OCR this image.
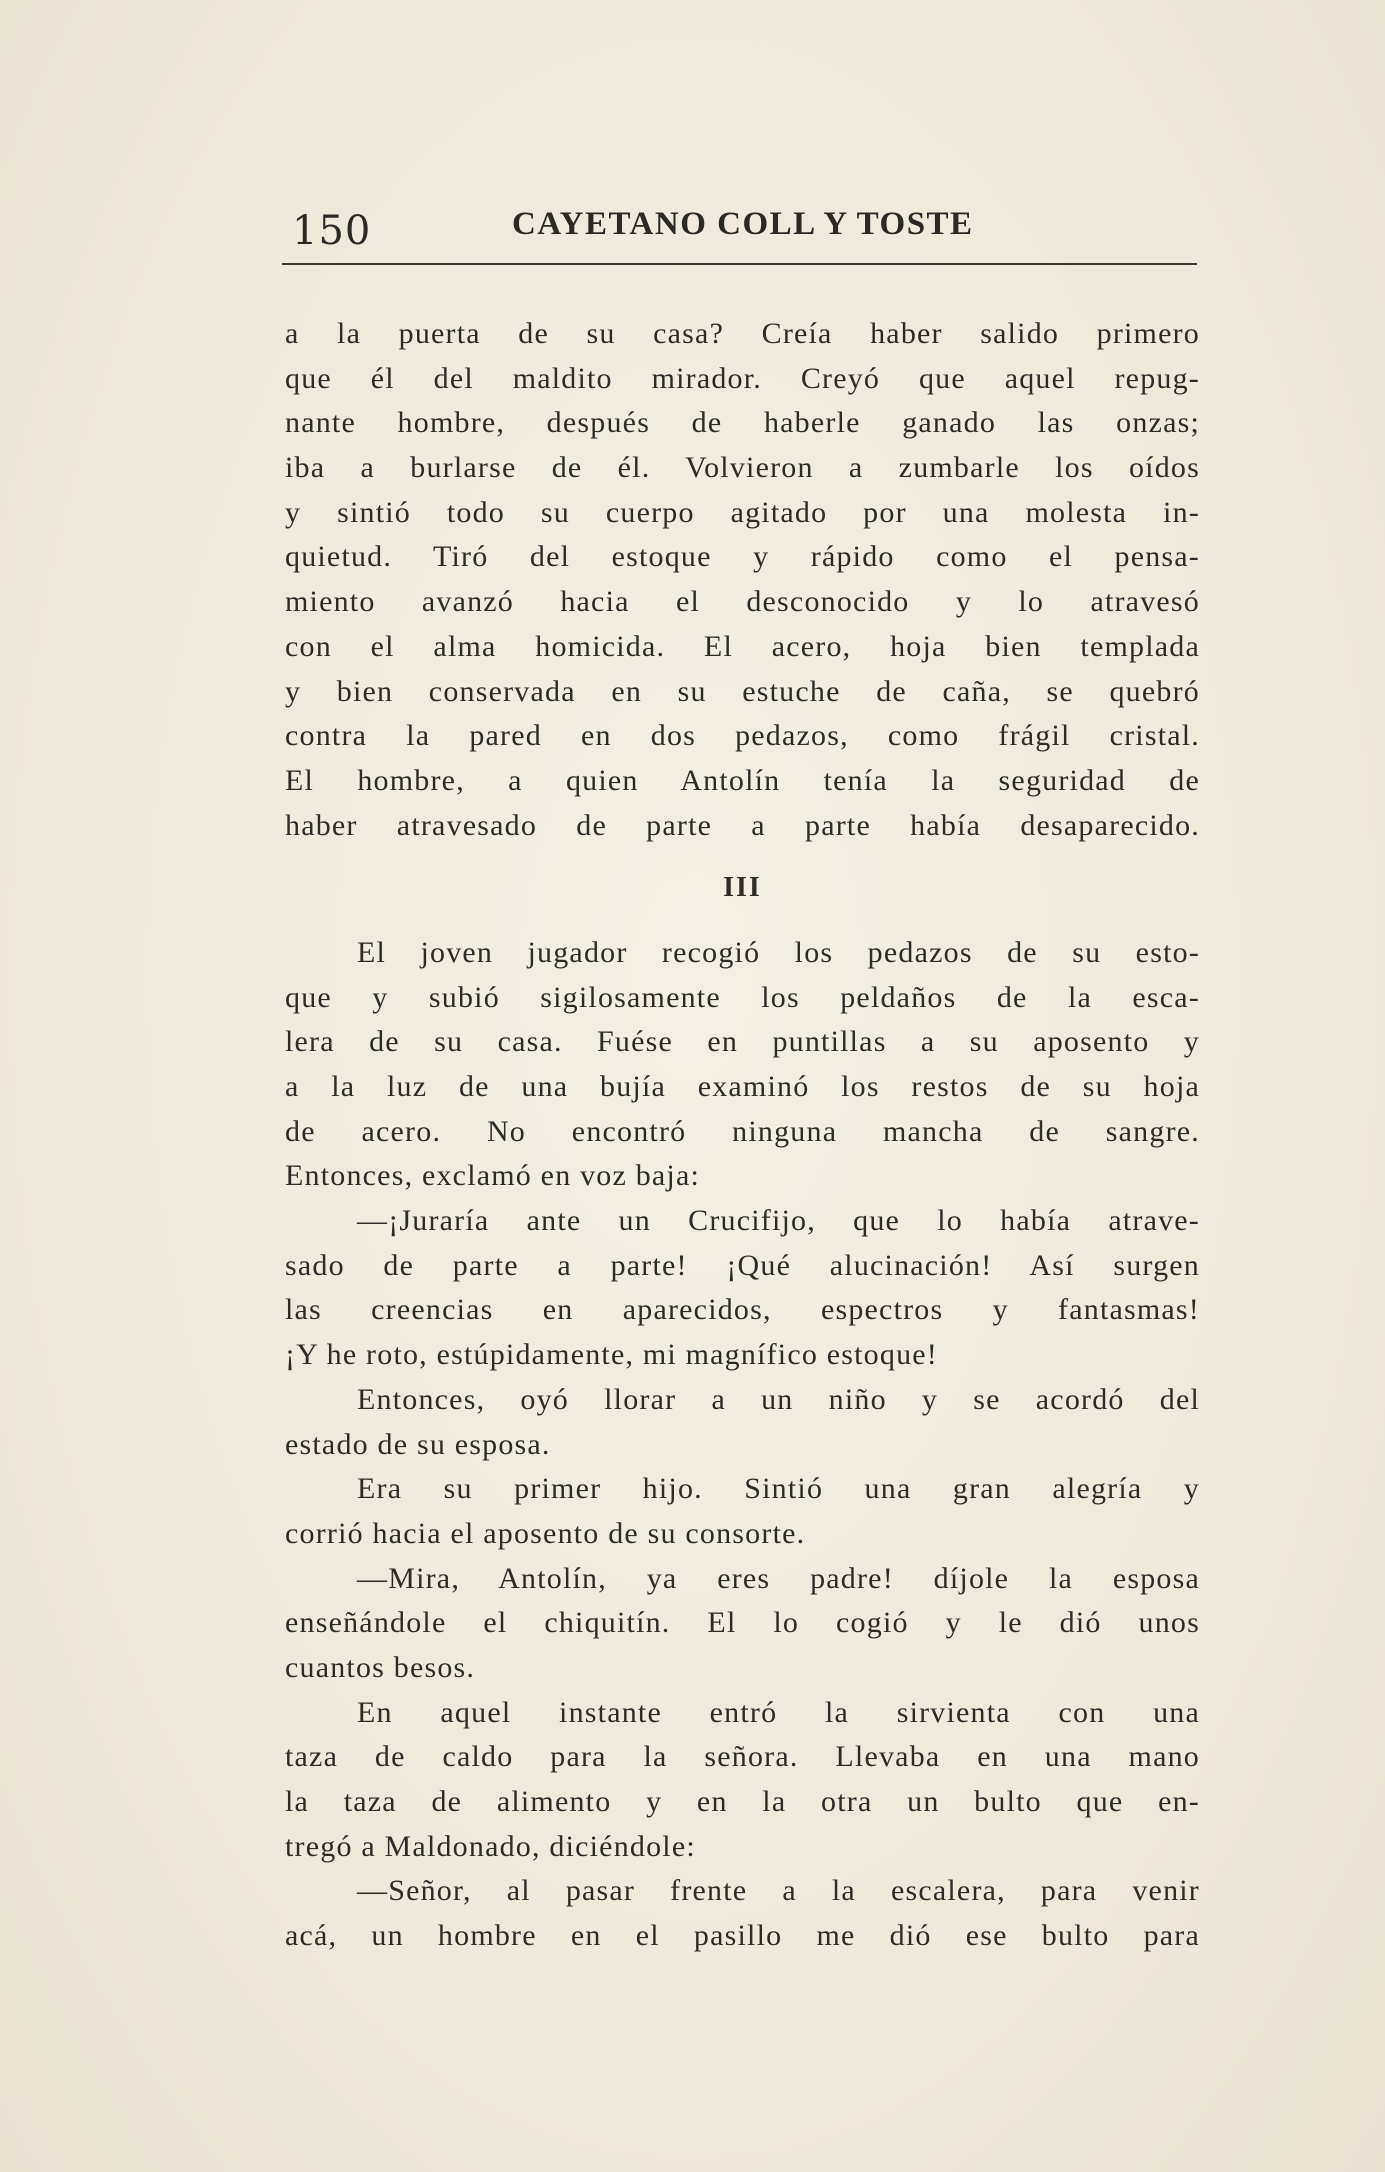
150	CAYETANO COLL Y TOSTE
a la puerta de su casa? Creía haber salido primero
que él del maldito mirador. Creyó que aquel repug-
nante hombre, después de haberle ganado las onzas;
iba a burlarse de él. Volvieron a zumbarle los oídos
y sintió todo su cuerpo agitado por una molesta in-
quietud. Tiró del estoque y rápido como el pensa-
miento avanzó hacia el desconocido y lo atravesó
con el alma homicida. El acero, hoja bien templada
y bien conservada en su estuche de caña, se quebró
contra la pared en dos pedazos, como frágil cristal.
El hombre, a quien Antolín tenía la seguridad de
haber atravesado de parte a parte había desaparecido.
III
El joven jugador recogió los pedazos de su esto-
que y subió sigilosamente los peldaños de la esca-
lera de su casa. Fuése en puntillas a su aposento y
a la luz de una bujía examinó los restos de su hoja
de acero. No encontró ninguna mancha de sangre.
Entonces, exclamó en voz baja:
—¡Juraría ante un Crucifijo, que lo había atrave-
sado de parte a parte! ¡Qué alucinación! Así surgen
las creencias en aparecidos, espectros y fantasmas!
¡Y he roto, estúpidamente, mi magnífico estoque!
Entonces, oyó llorar a un niño y se acordó del
estado de su esposa.
Era su primer hijo. Sintió una gran alegría y
corrió hacia el aposento de su consorte.
—Mira, Antolín, ya eres padre! díjole la esposa
enseñándole el chiquitín. El lo cogió y le dió unos
cuantos besos.
En aquel instante entró la sirvienta con una
taza de caldo para la señora. Llevaba en una mano
la taza de alimento y en la otra un bulto que en-
tregó a Maldonado, diciéndole:
—Señor, al pasar frente a la escalera, para venir
acá, un hombre en el pasillo me dió ese bulto para
